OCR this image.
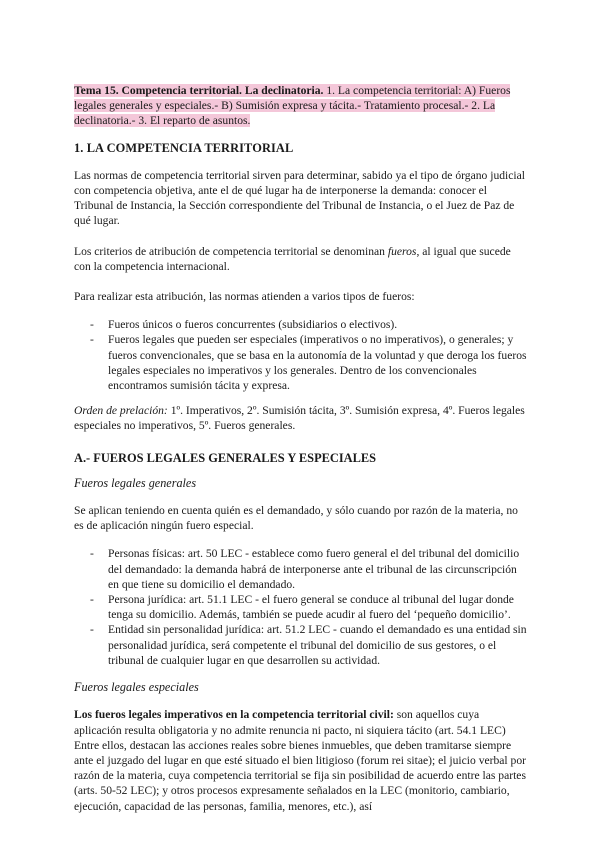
Tema 15. Competencia territorial. La declinatoria. 1. La competencia territorial: A) Fueros legales generales y especiales.- B) Sumisión expresa y tácita.- Tratamiento procesal.- 2. La declinatoria.- 3. El reparto de asuntos.

1. LA COMPETENCIA TERRITORIAL

Las normas de competencia territorial sirven para determinar, sabido ya el tipo de órgano judicial con competencia objetiva, ante el de qué lugar ha de interponerse la demanda: conocer el Tribunal de Instancia, la Sección correspondiente del Tribunal de Instancia, o el Juez de Paz de qué lugar.

Los criterios de atribución de competencia territorial se denominan fueros, al igual que sucede con la competencia internacional.

Para realizar esta atribución, las normas atienden a varios tipos de fueros:

- Fueros únicos o fueros concurrentes (subsidiarios o electivos).
- Fueros legales que pueden ser especiales (imperativos o no imperativos), o generales; y fueros convencionales, que se basa en la autonomía de la voluntad y que deroga los fueros legales especiales no imperativos y los generales. Dentro de los convencionales encontramos sumisión tácita y expresa.

Orden de prelación: 1º. Imperativos, 2º. Sumisión tácita, 3º. Sumisión expresa, 4º. Fueros legales especiales no imperativos, 5º. Fueros generales.

A.- FUEROS LEGALES GENERALES Y ESPECIALES

Fueros legales generales

Se aplican teniendo en cuenta quién es el demandado, y sólo cuando por razón de la materia, no es de aplicación ningún fuero especial.

- Personas físicas: art. 50 LEC - establece como fuero general el del tribunal del domicilio del demandado: la demanda habrá de interponerse ante el tribunal de las circunscripción en que tiene su domicilio el demandado.
- Persona jurídica: art. 51.1 LEC - el fuero general se conduce al tribunal del lugar donde tenga su domicilio. Además, también se puede acudir al fuero del ‘pequeño domicilio’.
- Entidad sin personalidad jurídica: art. 51.2 LEC - cuando el demandado es una entidad sin personalidad jurídica, será competente el tribunal del domicilio de sus gestores, o el tribunal de cualquier lugar en que desarrollen su actividad.

Fueros legales especiales

Los fueros legales imperativos en la competencia territorial civil: son aquellos cuya aplicación resulta obligatoria y no admite renuncia ni pacto, ni siquiera tácito (art. 54.1 LEC) Entre ellos, destacan las acciones reales sobre bienes inmuebles, que deben tramitarse siempre ante el juzgado del lugar en que esté situado el bien litigioso (forum rei sitae); el juicio verbal por razón de la materia, cuya competencia territorial se fija sin posibilidad de acuerdo entre las partes (arts. 50-52 LEC); y otros procesos expresamente señalados en la LEC (monitorio, cambiario, ejecución, capacidad de las personas, familia, menores, etc.), así
